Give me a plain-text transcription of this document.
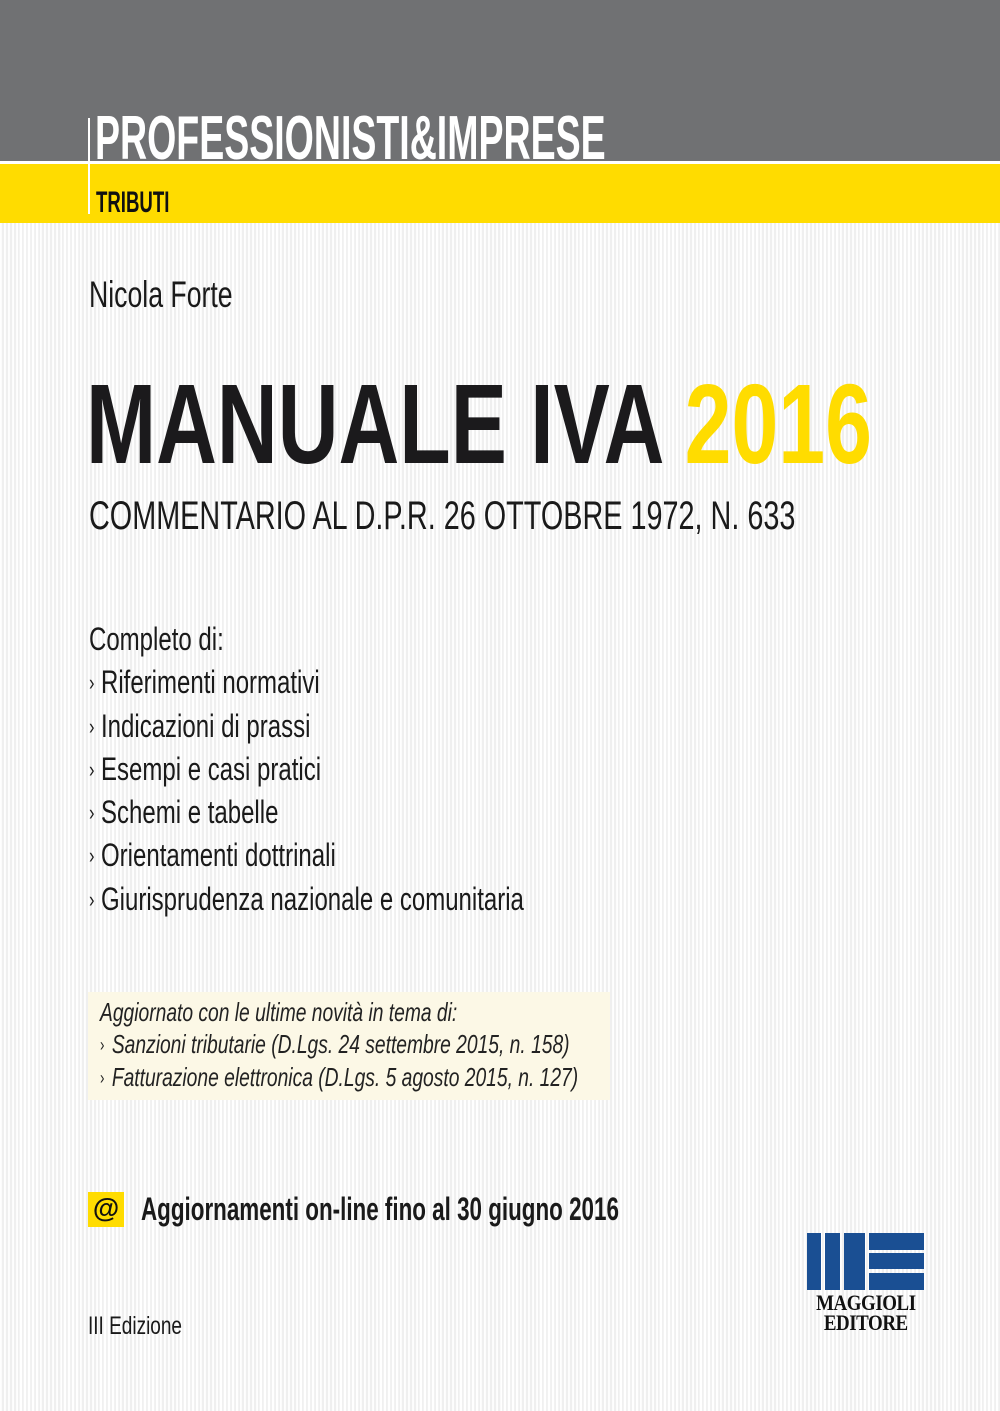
PROFESSIONISTI&IMPRESE
TRIBUTI
Nicola Forte
MANUALE IVA 2016
COMMENTARIO AL D.P.R. 26 OTTOBRE 1972, N. 633
Completo di:
› Riferimenti normativi
› Indicazioni di prassi
› Esempi e casi pratici
› Schemi e tabelle
› Orientamenti dottrinali
› Giurisprudenza nazionale e comunitaria
Aggiornato con le ultime novità in tema di:
› Sanzioni tributarie (D.Lgs. 24 settembre 2015, n. 158)
› Fatturazione elettronica (D.Lgs. 5 agosto 2015, n. 127)
@ Aggiornamenti on-line fino al 30 giugno 2016
III Edizione
MAGGIOLI
EDITORE
